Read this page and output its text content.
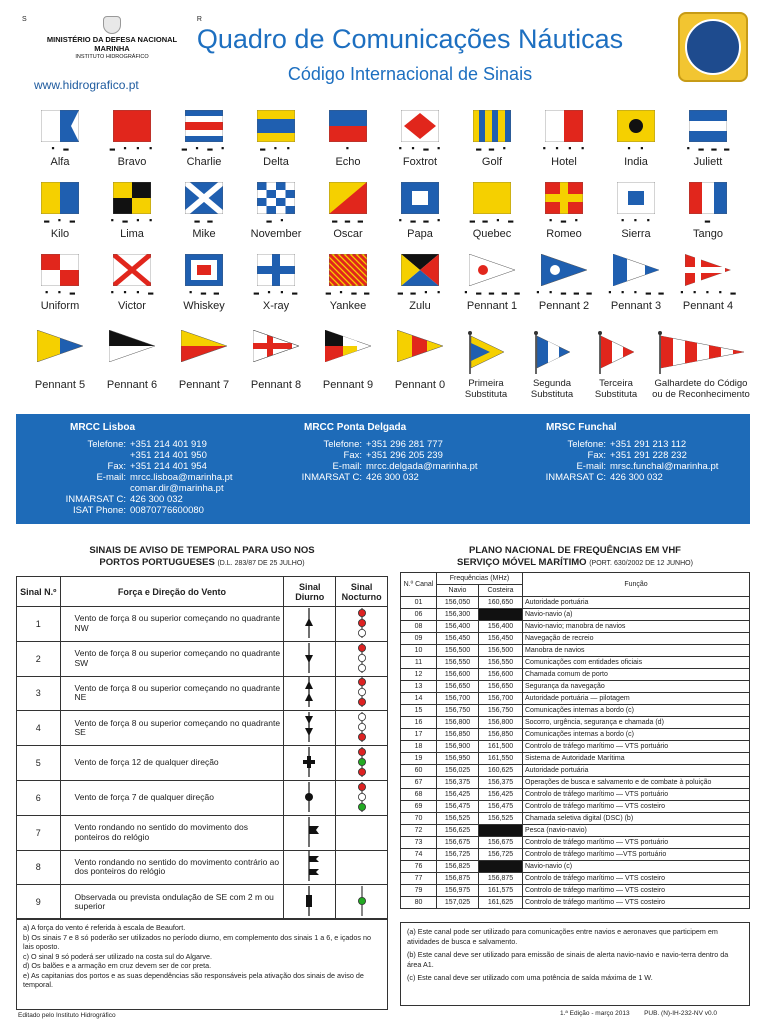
S	R
MINISTÉRIO DA DEFESA NACIONAL
MARINHA
INSTITUTO HIDROGRÁFICO
www.hidrografico.pt
Quadro de Comunicações Náuticas
Código Internacional de Sinais
▪ ▬
Alfa
▬ ▪ ▪ ▪
Bravo
▬ ▪ ▬ ▪
Charlie
▬ ▪ ▪
Delta
▪
Echo
▪ ▪ ▬ ▪
Foxtrot
▬ ▬ ▪
Golf
▪ ▪ ▪ ▪
Hotel
▪ ▪
India
▪ ▬ ▬ ▬
Juliett
▬ ▪ ▬
Kilo
▪ ▬ ▪ ▪
Lima
▬ ▬
Mike
▬ ▪
November
▬ ▬ ▬
Oscar
▪ ▬ ▬ ▪
Papa
▬ ▬ ▪ ▬
Quebec
▪ ▬ ▪
Romeo
▪ ▪ ▪
Sierra
▬
Tango
▪ ▪ ▬
Uniform
▪ ▪ ▪ ▬
Victor
▪ ▬ ▬
Whiskey
▬ ▪ ▪ ▬
X-ray
▬ ▪ ▬ ▬
Yankee
▬ ▬ ▪ ▪
Zulu
▪ ▬ ▬ ▬ ▬
Pennant 1
▪ ▪ ▬ ▬ ▬
Pennant 2
▪ ▪ ▪ ▬ ▬
Pennant 3
▪ ▪ ▪ ▪ ▬
Pennant 4
Pennant 5	Pennant 6	Pennant 7	Pennant 8	Pennant 9	Pennant 0	Primeira
Substituta
Segunda
Substituta
Terceira
Substituta
Galhardete do Código
ou de Reconhecimento
MRCC Lisboa
Telefone: +351 214 401 919
+351 214 401 950
Fax: +351 214 401 954
E-mail: mrcc.lisboa@marinha.pt
comar.dir@marinha.pt
INMARSAT C: 426 300 032
ISAT Phone: 00870776600080
MRCC Ponta Delgada
Telefone: +351 296 281 777
Fax: +351 296 205 239
E-mail: mrcc.delgada@marinha.pt
INMARSAT C: 426 300 032
MRSC Funchal
Telefone: +351 291 213 112
Fax: +351 291 228 232
E-mail: mrsc.funchal@marinha.pt
INMARSAT C: 426 300 032
SINAIS DE AVISO DE TEMPORAL PARA USO NOS
PORTOS PORTUGUESES (D.L. 283/87 DE 25 JULHO)
Sinal N.º	Força e Direção do Vento	Sinal Diurno	Sinal Nocturno
1	Vento de força 8 ou superior começando no quadrante NW		
2	Vento de força 8 ou superior começando no quadrante SW		
3	Vento de força 8 ou superior começando no quadrante NE		
4	Vento de força 8 ou superior começando no quadrante SE		
5	Vento de força 12 de qualquer direção		
6	Vento de força 7 de qualquer direção		
7	Vento rondando no sentido do movimento dos ponteiros do relógio		
8	Vento rondando no sentido do movimento contrário ao dos ponteiros do relógio		
9	Observada ou prevista ondulação de SE com 2 m ou superior		
a) A força do vento é referida à escala de Beaufort.
b) Os sinais 7 e 8 só poderão ser utilizados no período diurno, em complemento dos sinais 1 a 6, e içados no lais oposto.
c) O sinal 9 só poderá ser utilizado na costa sul do Algarve.
d) Os balões e a armação em cruz devem ser de cor preta.
e) As capitanias dos portos e as suas dependências são responsáveis pela ativação dos sinais de aviso de temporal.
Editado pelo Instituto Hidrográfico
PLANO NACIONAL DE FREQUÊNCIAS EM VHF
SERVIÇO MÓVEL MARÍTIMO (PORT. 630/2002 DE 12 JUNHO)
N.º Canal	Frequências (MHz)		Função
	Navio	Costeira	
01	156,050	160,650	Autoridade portuária
06	156,300		Navio-navio (a)
08	156,400	156,400	Navio-navio; manobra de navios
09	156,450	156,450	Navegação de recreio
10	156,500	156,500	Manobra de navios
11	156,550	156,550	Comunicações com entidades oficiais
12	156,600	156,600	Chamada comum de porto
13	156,650	156,650	Segurança da navegação
14	156,700	156,700	Autoridade portuária — pilotagem
15	156,750	156,750	Comunicações internas a bordo (c)
16	156,800	156,800	Socorro, urgência, segurança e chamada (d)
17	156,850	156,850	Comunicações internas a bordo (c)
18	156,900	161,500	Controlo de tráfego marítimo — VTS portuário
19	156,950	161,550	Sistema de Autoridade Marítima
60	156,025	160,625	Autoridade portuária
67	156,375	156,375	Operações de busca e salvamento e de combate à poluição
68	156,425	156,425	Controlo de tráfego marítimo — VTS portuário
69	156,475	156,475	Controlo de tráfego marítimo — VTS costeiro
70	156,525	156,525	Chamada seletiva digital (DSC) (b)
72	156,625		Pesca (navio-navio)
73	156,675	156,675	Controlo de tráfego marítimo — VTS portuário
74	156,725	156,725	Controlo de tráfego marítimo —VTS portuário
76	156,825		Navio-navio (c)
77	156,875	156,875	Controlo de tráfego marítimo — VTS costeiro
79	156,975	161,575	Controlo de tráfego marítimo — VTS costeiro
80	157,025	161,625	Controlo de tráfego marítimo — VTS costeiro
(a) Este canal pode ser utilizado para comunicações entre navios e aeronaves que participem em atividades de busca e salvamento.
(b) Este canal deve ser utilizado para emissão de sinais de alerta navio-navio e navio-terra dentro da área A1.
(c) Este canal deve ser utilizado com uma potência de saída máxima de 1 W.
1.ª Edição - março 2013 PUB. (N)-IH-232-NV v0.0
